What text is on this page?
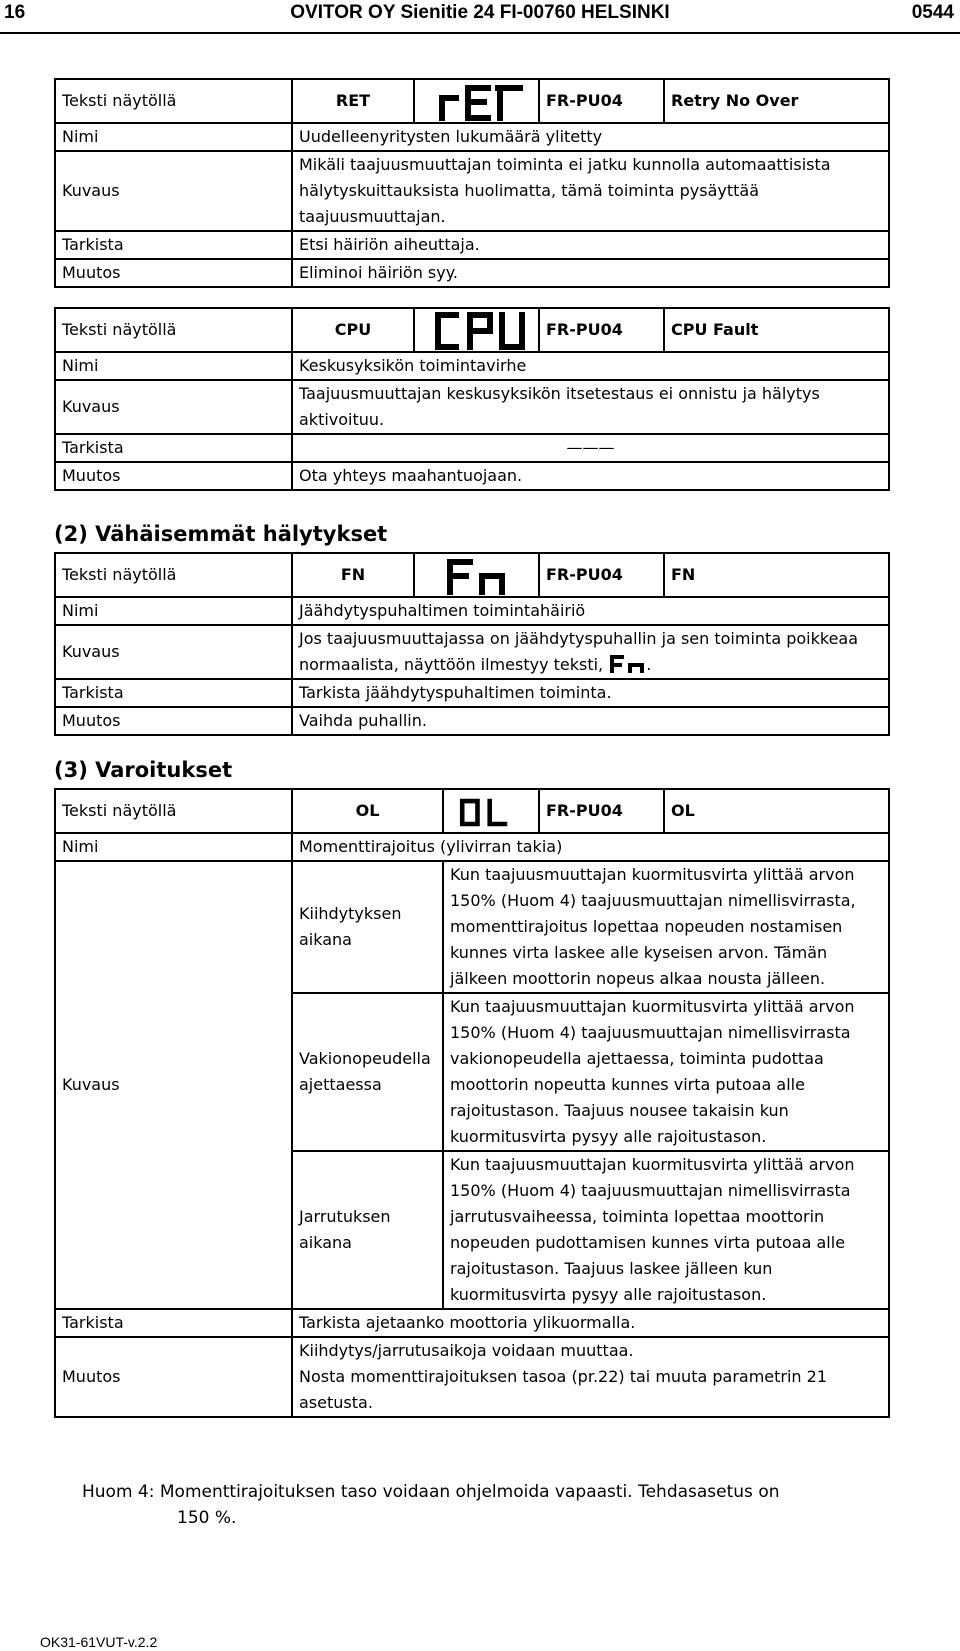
16	OVITOR OY Sienitie 24 FI-00760 HELSINKI	0544
Teksti näytöllä	RET		FR-PU04	Retry No Over
Nimi	Uudelleenyritysten lukumäärä ylitetty			
Kuvaus	Mikäli taajuusmuuttajan toiminta ei jatku kunnolla automaattisista hälytyskuittauksista huolimatta, tämä toiminta pysäyttää taajuusmuuttajan.			
Tarkista	Etsi häiriön aiheuttaja.			
Muutos	Eliminoi häiriön syy.			
Teksti näytöllä	CPU		FR-PU04	CPU Fault
Nimi	Keskusyksikön toimintavirhe			
Kuvaus	Taajuusmuuttajan keskusyksikön itsetestaus ei onnistu ja hälytys aktivoituu.			
Tarkista	———			
Muutos	Ota yhteys maahantuojaan.			
(2) Vähäisemmät hälytykset
Teksti näytöllä	FN		FR-PU04	FN
Nimi	Jäähdytyspuhaltimen toimintahäiriö			
Kuvaus	Jos taajuusmuuttajassa on jäähdytyspuhallin ja sen toiminta poikkeaa normaalista, näyttöön ilmestyy teksti, .			
Tarkista	Tarkista jäähdytyspuhaltimen toiminta.			
Muutos	Vaihda puhallin.			
(3) Varoitukset
Teksti näytöllä	OL		FR-PU04	OL
Nimi	Momenttirajoitus (ylivirran takia)			
Kuvaus	Kiihdytyksen aikana	Kun taajuusmuuttajan kuormitusvirta ylittää arvon 150% (Huom 4) taajuusmuuttajan nimellisvirrasta, momenttirajoitus lopettaa nopeuden nostamisen kunnes virta laskee alle kyseisen arvon. Tämän jälkeen moottorin nopeus alkaa nousta jälleen.		
	Vakionopeudella ajettaessa	Kun taajuusmuuttajan kuormitusvirta ylittää arvon 150% (Huom 4) taajuusmuuttajan nimellisvirrasta vakionopeudella ajettaessa, toiminta pudottaa moottorin nopeutta kunnes virta putoaa alle rajoitustason. Taajuus nousee takaisin kun kuormitusvirta pysyy alle rajoitustason.		
	Jarrutuksen aikana	Kun taajuusmuuttajan kuormitusvirta ylittää arvon 150% (Huom 4) taajuusmuuttajan nimellisvirrasta jarrutusvaiheessa, toiminta lopettaa moottorin nopeuden pudottamisen kunnes virta putoaa alle rajoitustason. Taajuus laskee jälleen kun kuormitusvirta pysyy alle rajoitustason.		
Tarkista	Tarkista ajetaanko moottoria ylikuormalla.			
Muutos	Kiihdytys/jarrutusaikoja voidaan muuttaa.
Nosta momenttirajoituksen tasoa (pr.22) tai muuta parametrin 21 asetusta.			
Huom 4: Momenttirajoituksen taso voidaan ohjelmoida vapaasti. Tehdasasetus on
150 %.
OK31-61VUT-v.2.2
